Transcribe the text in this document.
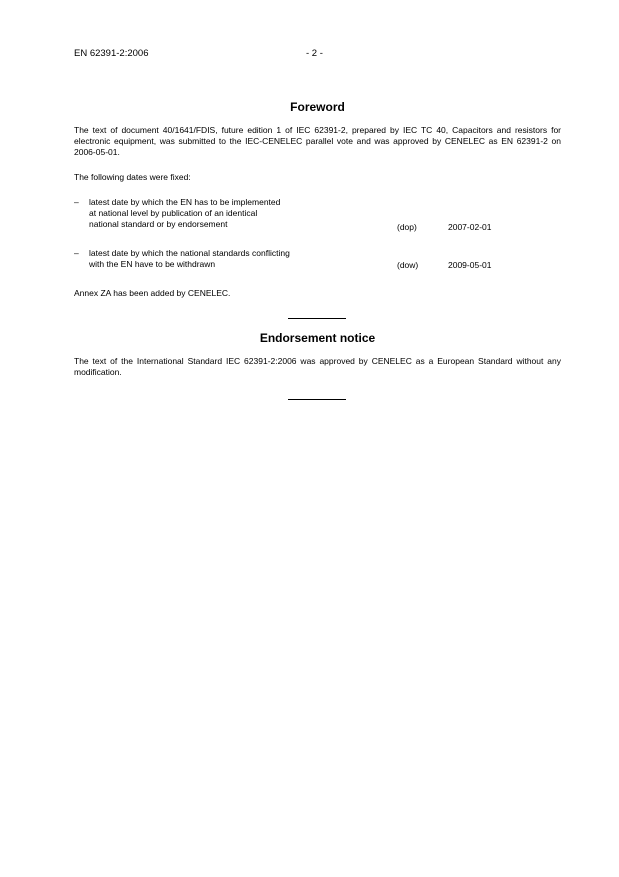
EN 62391-2:2006	- 2 -
Foreword
The text of document 40/1641/FDIS, future edition 1 of IEC 62391-2, prepared by IEC TC 40, Capacitors and resistors for electronic equipment, was submitted to the IEC-CENELEC parallel vote and was approved by CENELEC as EN 62391-2 on 2006-05-01.
The following dates were fixed:
– latest date by which the EN has to be implemented
at national level by publication of an identical
national standard or by endorsement	(dop)	2007-02-01
– latest date by which the national standards conflicting
with the EN have to be withdrawn	(dow)	2009-05-01
Annex ZA has been added by CENELEC.
Endorsement notice
The text of the International Standard IEC 62391-2:2006 was approved by CENELEC as a European Standard without any modification.
